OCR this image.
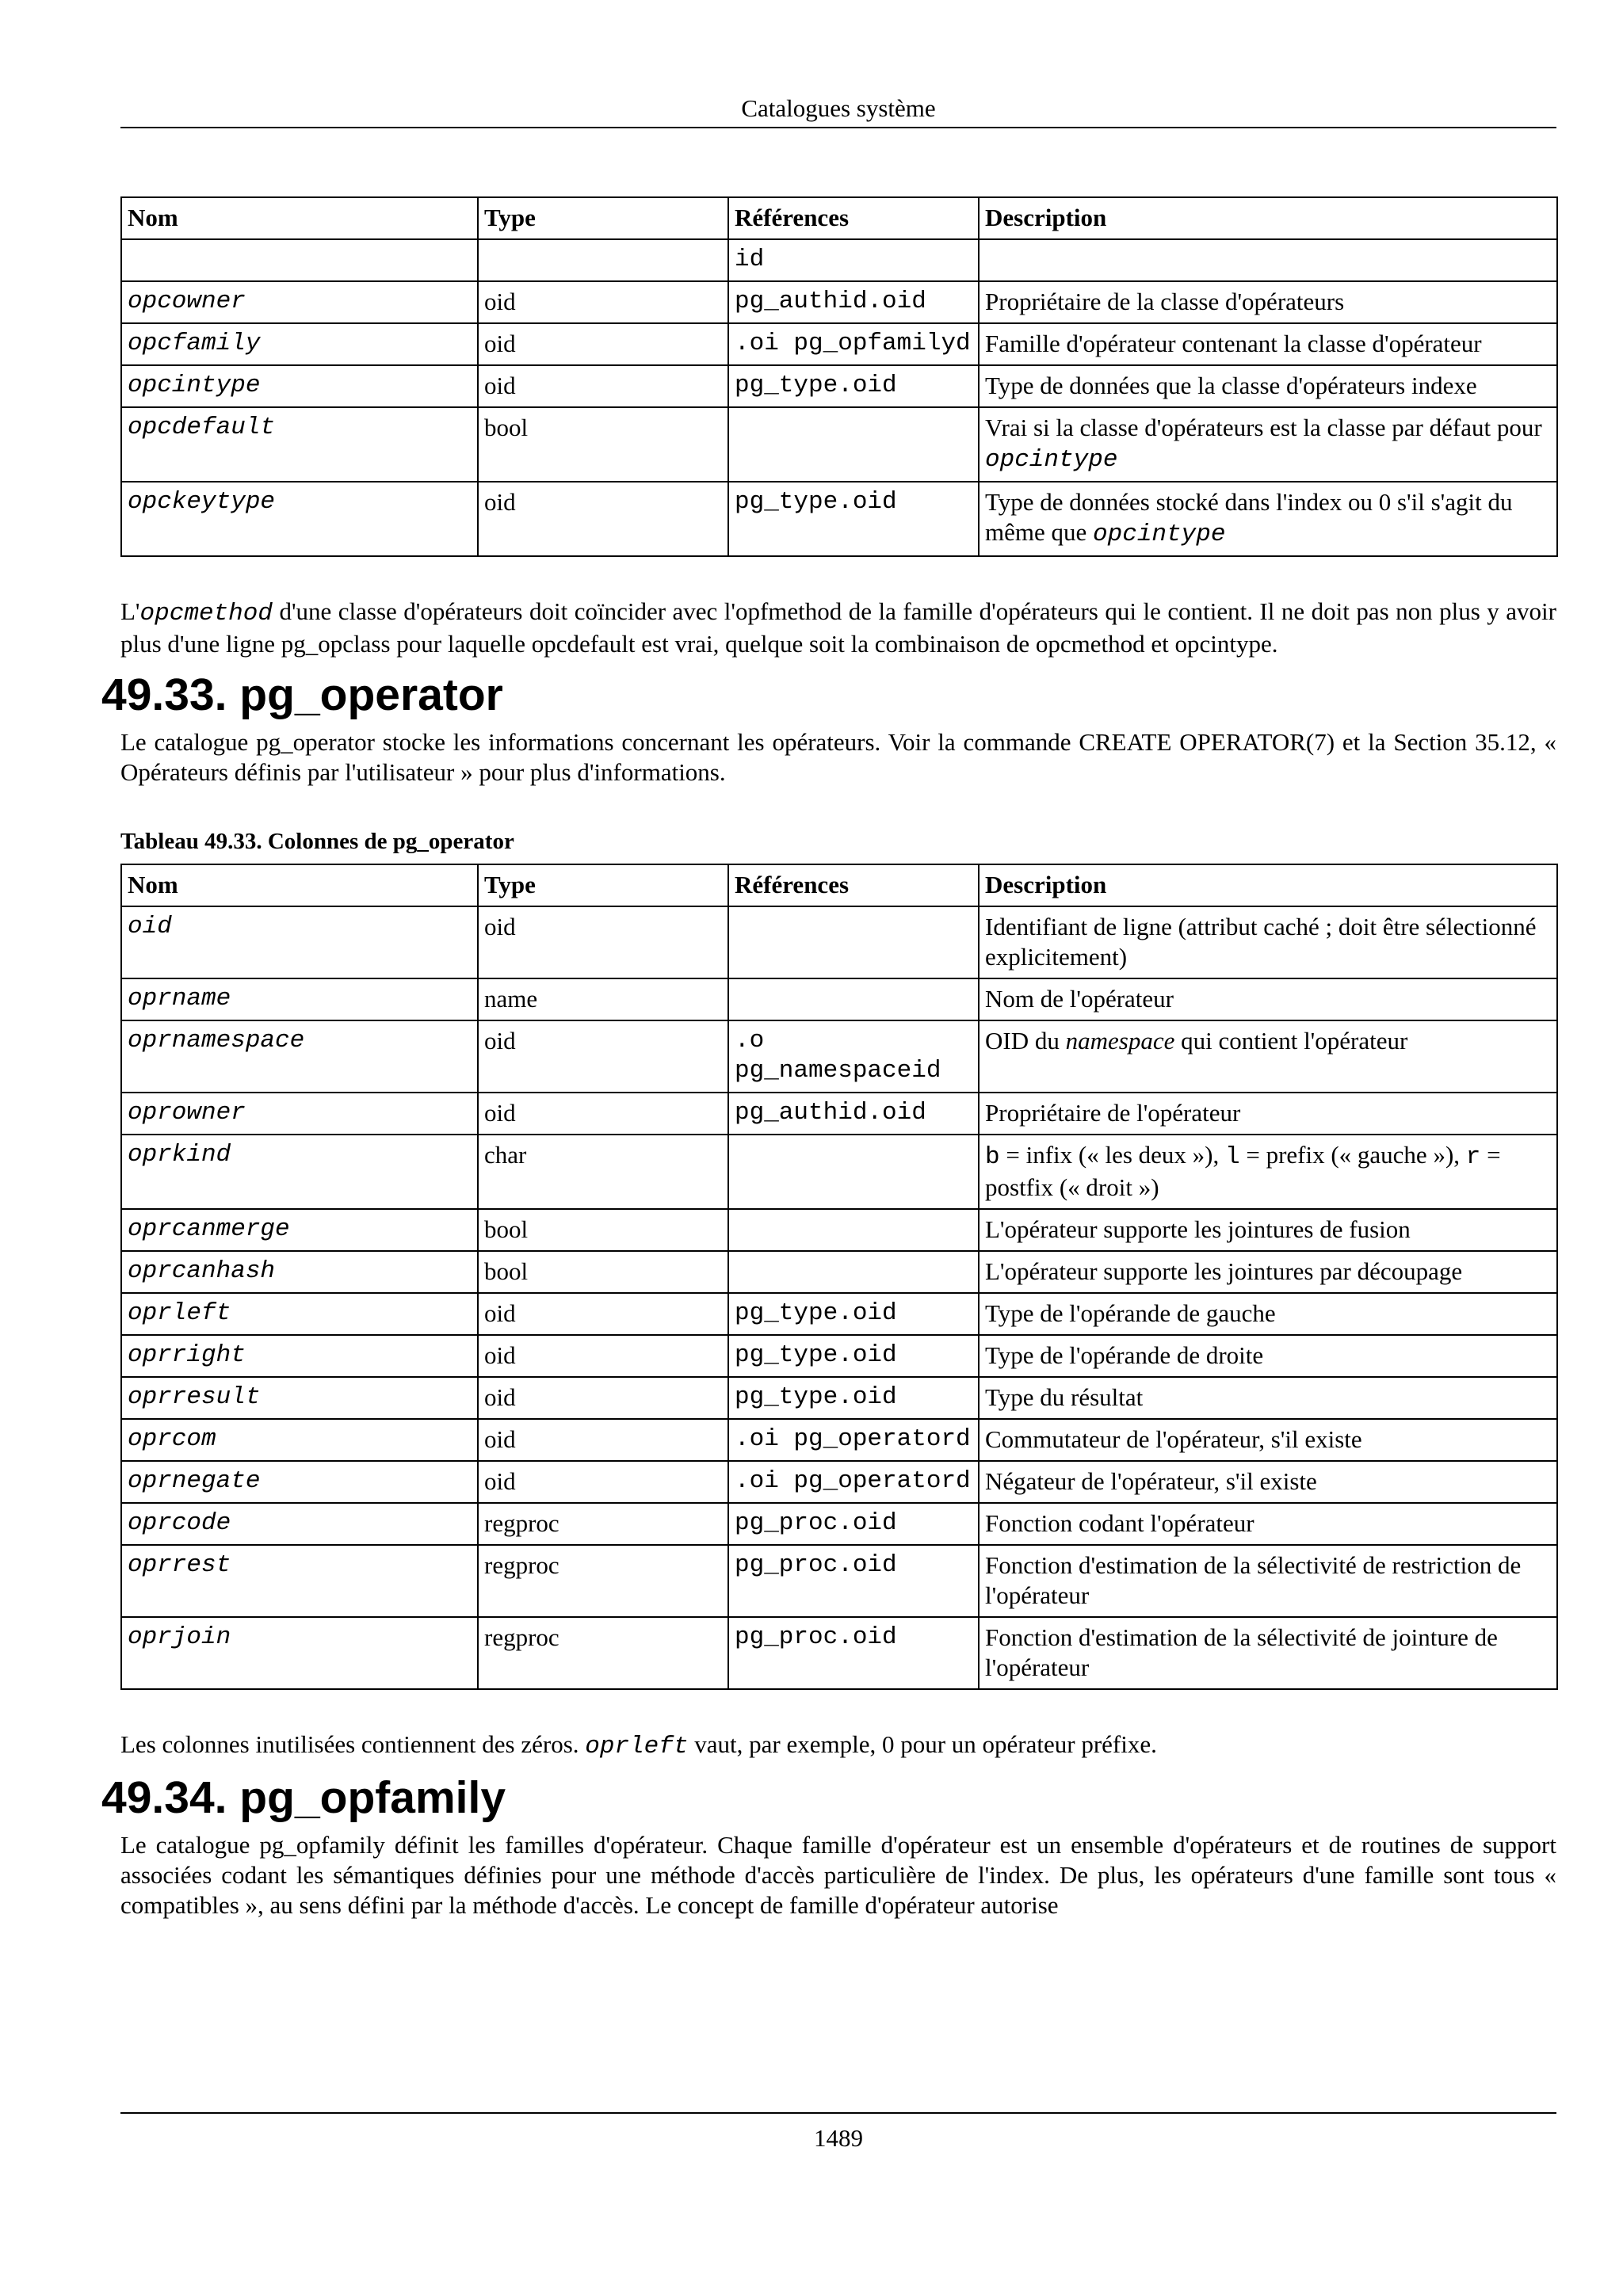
Catalogues système
Nom	Type	Références	Description
		id	
opcowner	oid	pg_authid.oid	Propriétaire de la classe d'opérateurs
opcfamily	oid	.oi pg_opfamilyd	Famille d'opérateur contenant la classe d'opérateur
opcintype	oid	pg_type.oid	Type de données que la classe d'opérateurs indexe
opcdefault	bool		Vrai si la classe d'opérateurs est la classe par défaut pour opcintype
opckeytype	oid	pg_type.oid	Type de données stocké dans l'index ou 0 s'il s'agit du même que opcintype

L'opcmethod d'une classe d'opérateurs doit coïncider avec l'opfmethod de la famille d'opérateurs qui le contient. Il ne doit pas non plus y avoir plus d'une ligne pg_opclass pour laquelle opcdefault est vrai, quelque soit la combinaison de opcmethod et opcintype.

49.33. pg_operator

Le catalogue pg_operator stocke les informations concernant les opérateurs. Voir la commande CREATE OPERATOR(7) et la Section 35.12, « Opérateurs définis par l'utilisateur » pour plus d'informations.

Tableau 49.33. Colonnes de pg_operator

Nom	Type	Références	Description
oid	oid		Identifiant de ligne (attribut caché ; doit être sélectionné explicitement)
oprname	name		Nom de l'opérateur
oprnamespace	oid	.o pg_namespaceid	OID du namespace qui contient l'opérateur
oprowner	oid	pg_authid.oid	Propriétaire de l'opérateur
oprkind	char		b = infix (« les deux »), l = prefix (« gauche »), r = postfix (« droit »)
oprcanmerge	bool		L'opérateur supporte les jointures de fusion
oprcanhash	bool		L'opérateur supporte les jointures par découpage
oprleft	oid	pg_type.oid	Type de l'opérande de gauche
oprright	oid	pg_type.oid	Type de l'opérande de droite
oprresult	oid	pg_type.oid	Type du résultat
oprcom	oid	.oi pg_operatord	Commutateur de l'opérateur, s'il existe
oprnegate	oid	.oi pg_operatord	Négateur de l'opérateur, s'il existe
oprcode	regproc	pg_proc.oid	Fonction codant l'opérateur
oprrest	regproc	pg_proc.oid	Fonction d'estimation de la sélectivité de restriction de l'opérateur
oprjoin	regproc	pg_proc.oid	Fonction d'estimation de la sélectivité de jointure de l'opérateur

Les colonnes inutilisées contiennent des zéros. oprleft vaut, par exemple, 0 pour un opérateur préfixe.

49.34. pg_opfamily

Le catalogue pg_opfamily définit les familles d'opérateur. Chaque famille d'opérateur est un ensemble d'opérateurs et de routines de support associées codant les sémantiques définies pour une méthode d'accès particulière de l'index. De plus, les opérateurs d'une famille sont tous « compatibles », au sens défini par la méthode d'accès. Le concept de famille d'opérateur autorise

1489
